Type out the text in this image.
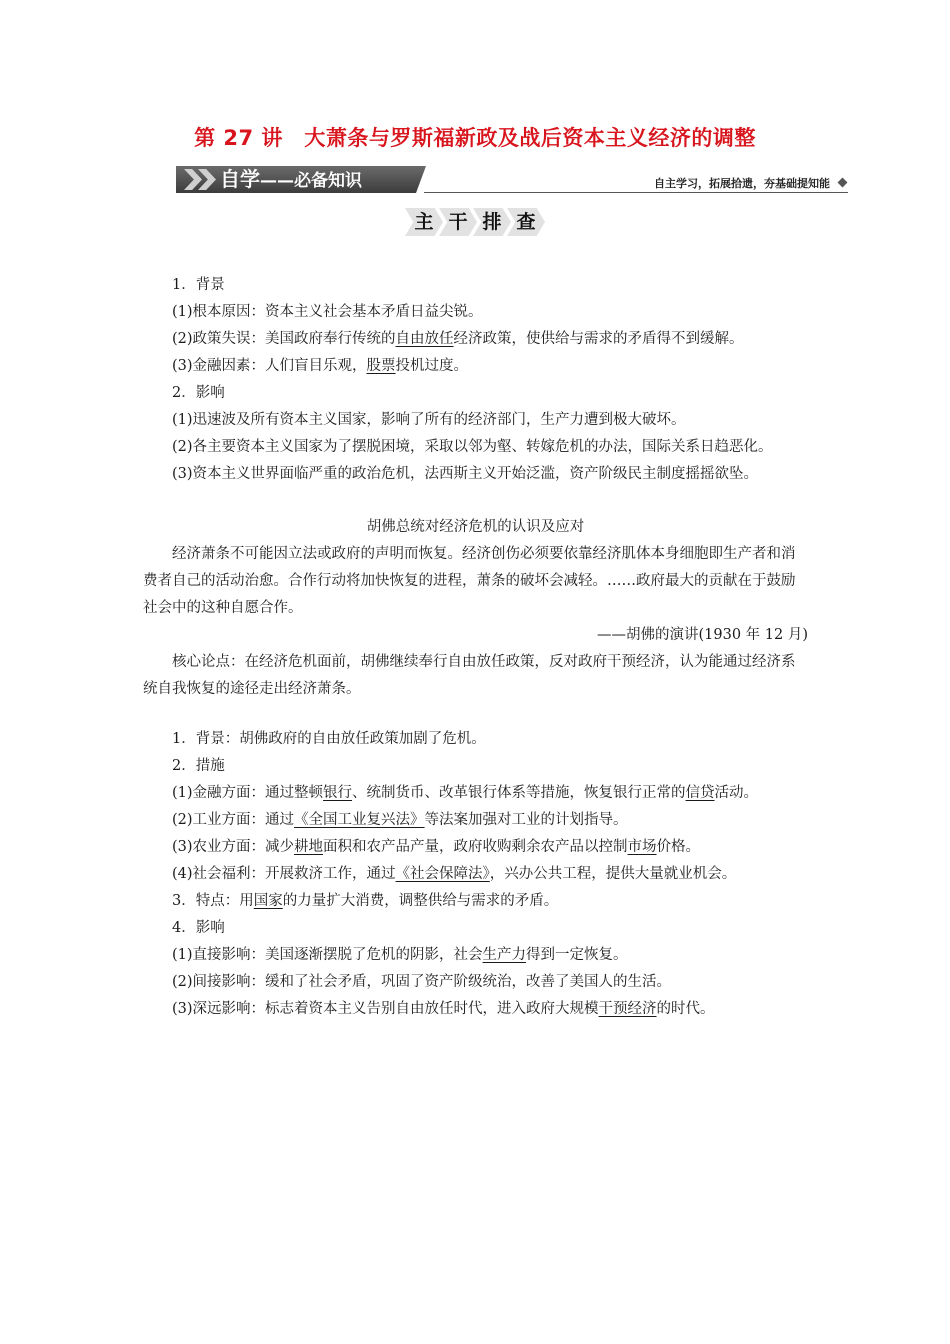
第 27 讲　大萧条与罗斯福新政及战后资本主义经济的调整
自学——必备知识	自主学习，拓展拾遗，夯基础提知能
主 干 排 查

1．背景

(1)根本原因：资本主义社会基本矛盾日益尖锐。

(2)政策失误：美国政府奉行传统的自由放任经济政策，使供给与需求的矛盾得不到缓解。

(3)金融因素：人们盲目乐观，股票投机过度。

2．影响

(1)迅速波及所有资本主义国家，影响了所有的经济部门，生产力遭到极大破坏。

(2)各主要资本主义国家为了摆脱困境，采取以邻为壑、转嫁危机的办法，国际关系日趋恶化。

(3)资本主义世界面临严重的政治危机，法西斯主义开始泛滥，资产阶级民主制度摇摇欲坠。

胡佛总统对经济危机的认识及应对

经济萧条不可能因立法或政府的声明而恢复。经济创伤必须要依靠经济肌体本身细胞即生产者和消费者自己的活动治愈。合作行动将加快恢复的进程，萧条的破坏会减轻。……政府最大的贡献在于鼓励社会中的这种自愿合作。

——胡佛的演讲(1930 年 12 月)

核心论点：在经济危机面前，胡佛继续奉行自由放任政策，反对政府干预经济，认为能通过经济系统自我恢复的途径走出经济萧条。

1．背景：胡佛政府的自由放任政策加剧了危机。

2．措施

(1)金融方面：通过整顿银行、统制货币、改革银行体系等措施，恢复银行正常的信贷活动。

(2)工业方面：通过《全国工业复兴法》等法案加强对工业的计划指导。

(3)农业方面：减少耕地面积和农产品产量，政府收购剩余农产品以控制市场价格。

(4)社会福利：开展救济工作，通过《社会保障法》，兴办公共工程，提供大量就业机会。

3．特点：用国家的力量扩大消费，调整供给与需求的矛盾。

4．影响

(1)直接影响：美国逐渐摆脱了危机的阴影，社会生产力得到一定恢复。

(2)间接影响：缓和了社会矛盾，巩固了资产阶级统治，改善了美国人的生活。

(3)深远影响：标志着资本主义告别自由放任时代，进入政府大规模干预经济的时代。
